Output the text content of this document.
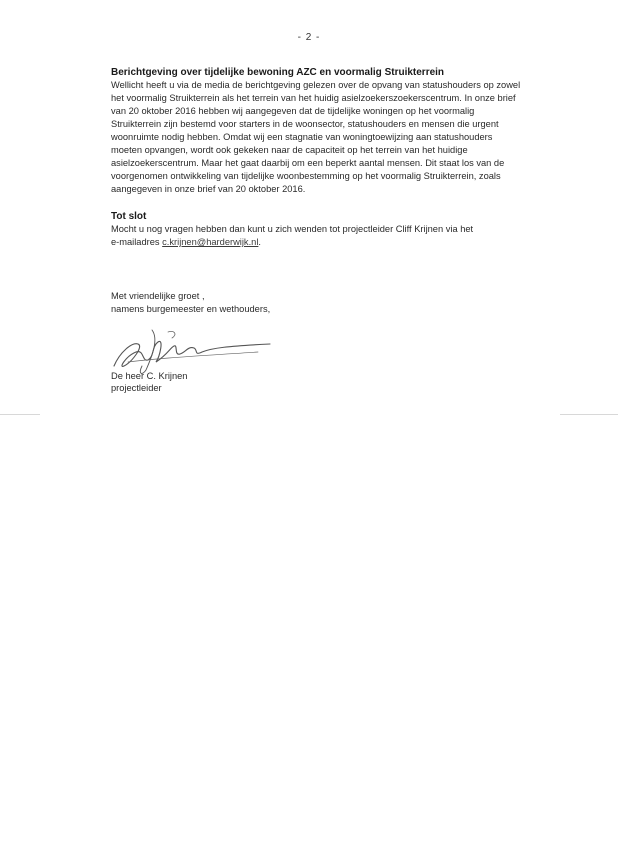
- 2 -

Berichtgeving over tijdelijke bewoning AZC en voormalig Struikterrein

Wellicht heeft u via de media de berichtgeving gelezen over de opvang van statushouders op zowel

het voormalig Struikterrein als het terrein van het huidig asielzoekerszoekerscentrum. In onze brief

van 20 oktober 2016 hebben wij aangegeven dat de tijdelijke woningen op het voormalig

Struikterrein zijn bestemd voor starters in de woonsector, statushouders en mensen die urgent

woonruimte nodig hebben. Omdat wij een stagnatie van woningtoewijzing aan statushouders

moeten opvangen, wordt ook gekeken naar de capaciteit op het terrein van het huidige

asielzoekerscentrum. Maar het gaat daarbij om een beperkt aantal mensen. Dit staat los van de

voorgenomen ontwikkeling van tijdelijke woonbestemming op het voormalig Struikterrein, zoals

aangegeven in onze brief van 20 oktober 2016.

Tot slot

Mocht u nog vragen hebben dan kunt u zich wenden tot projectleider Cliff Krijnen via het

e-mailadres c.krijnen@harderwijk.nl.

Met vriendelijke groet ,
namens burgemeester en wethouders,
De heer C. Krijnen
projectleider
